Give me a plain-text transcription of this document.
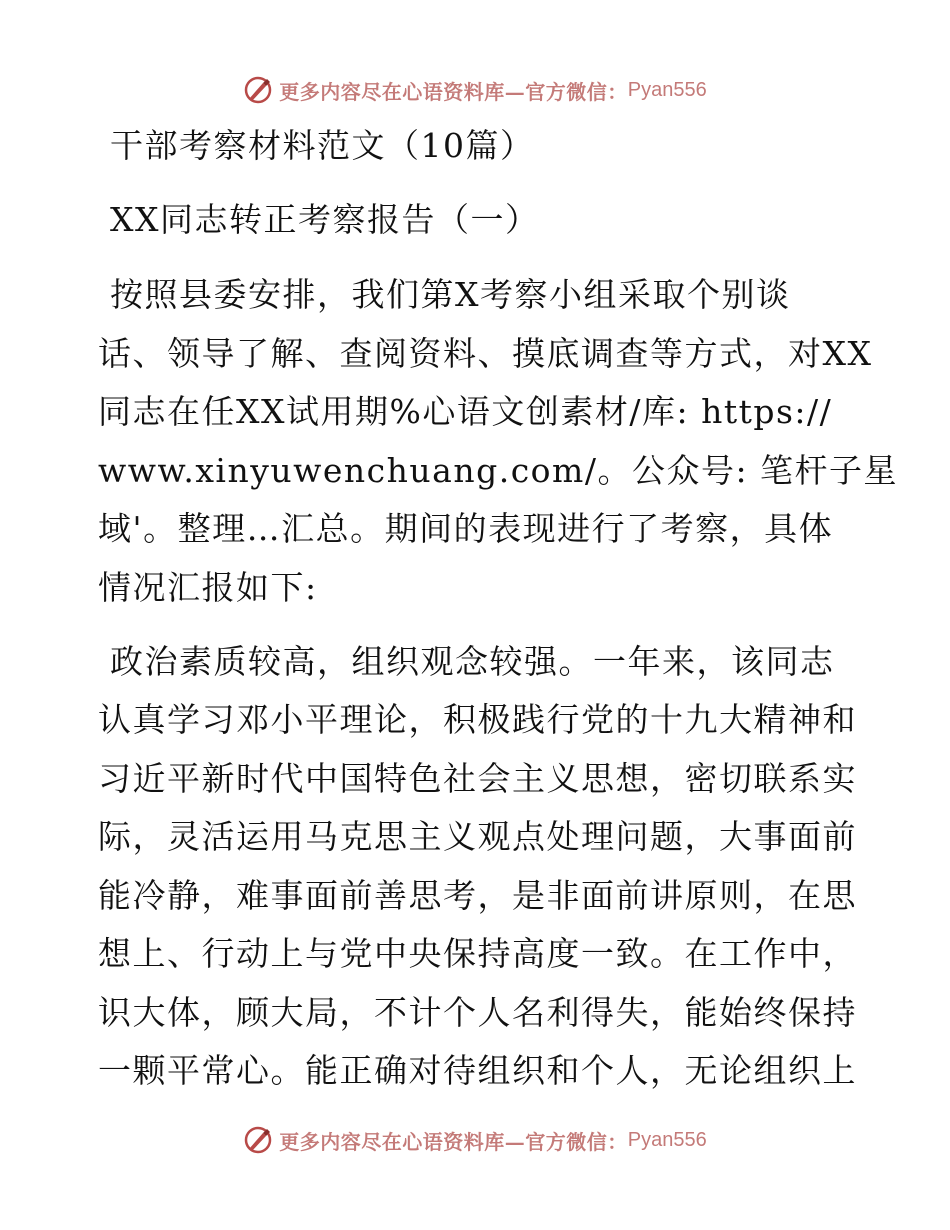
更多内容尽在心语资料库—官方微信： Pyan556
干部考察材料范文（10篇）
XX同志转正考察报告（一）
按照县委安排，我们第X考察小组采取个别谈
话、领导了解、查阅资料、摸底调查等方式，对XX
同志在任XX试用期%心语文创素材/库: https://
www.xinyuwenchuang.com/。公众号: 笔杆子星
域'。整理…汇总。期间的表现进行了考察，具体
情况汇报如下:
政治素质较高，组织观念较强。一年来，该同志
认真学习邓小平理论，积极践行党的十九大精神和
习近平新时代中国特色社会主义思想，密切联系实
际，灵活运用马克思主义观点处理问题，大事面前
能冷静，难事面前善思考，是非面前讲原则，在思
想上、行动上与党中央保持高度一致。在工作中，
识大体，顾大局，不计个人名利得失，能始终保持
一颗平常心。能正确对待组织和个人，无论组织上
更多内容尽在心语资料库—官方微信： Pyan556
